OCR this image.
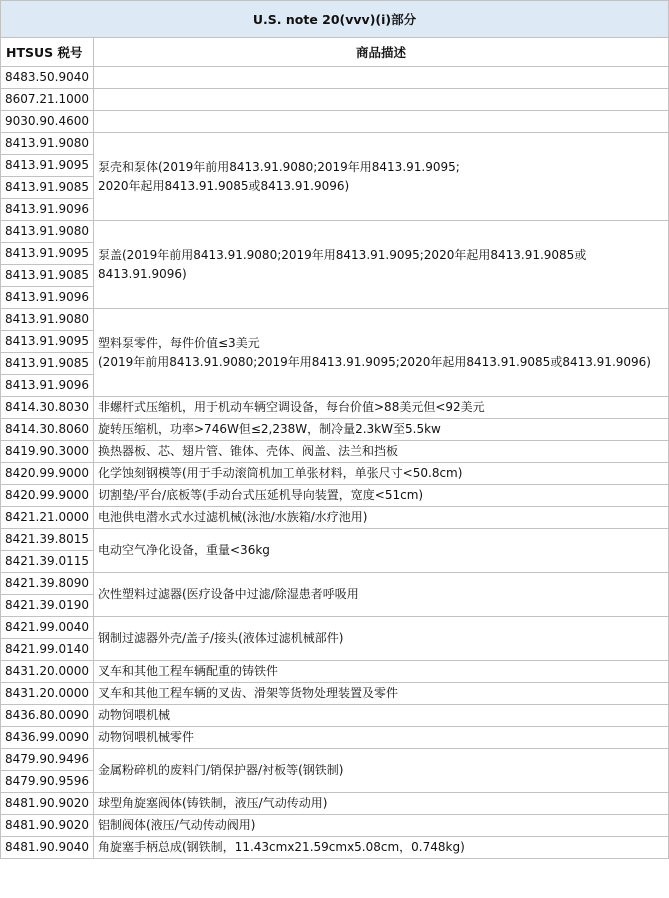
U.S. note 20(vvv)(i)部分	
HTSUS 税号	商品描述
8483.50.9040	
8607.21.1000	
9030.90.4600	
8413.91.9080	泵壳和泵体(2019年前用8413.91.9080;2019年用8413.91.9095;
2020年起用8413.91.9085或8413.91.9096)
8413.91.9095	
8413.91.9085	
8413.91.9096	
8413.91.9080	泵盖(2019年前用8413.91.9080;2019年用8413.91.9095;2020年起用8413.91.9085或8413.91.9096)
8413.91.9095	
8413.91.9085	
8413.91.9096	
8413.91.9080	塑料泵零件，每件价值≤3美元
(2019年前用8413.91.9080;2019年用8413.91.9095;2020年起用8413.91.9085或8413.91.9096)
8413.91.9095	
8413.91.9085	
8413.91.9096	
8414.30.8030	非螺杆式压缩机，用于机动车辆空调设备，每台价值>88美元但<92美元
8414.30.8060	旋转压缩机，功率>746W但≤2,238W，制冷量2.3kW至5.5kw
8419.90.3000	换热器板、芯、翅片管、锥体、壳体、阀盖、法兰和挡板
8420.99.9000	化学蚀刻钢模等(用于手动滚筒机加工单张材料，单张尺寸<50.8cm)
8420.99.9000	切割垫/平台/底板等(手动台式压延机导向装置，宽度<51cm)
8421.21.0000	电池供电潜水式水过滤机械(泳池/水族箱/水疗池用)
8421.39.8015	电动空气净化设备，重量<36kg
8421.39.0115	
8421.39.8090	次性塑料过滤器(医疗设备中过滤/除湿患者呼吸用
8421.39.0190	
8421.99.0040	钢制过滤器外壳/盖子/接头(液体过滤机械部件)
8421.99.0140	
8431.20.0000	叉车和其他工程车辆配重的铸铁件
8431.20.0000	叉车和其他工程车辆的叉齿、滑架等货物处理装置及零件
8436.80.0090	动物饲喂机械
8436.99.0090	动物饲喂机械零件
8479.90.9496	金属粉碎机的废料门/销保护器/衬板等(钢铁制)
8479.90.9596	
8481.90.9020	球型角旋塞阀体(铸铁制，液压/气动传动用)
8481.90.9020	铝制阀体(液压/气动传动阀用)
8481.90.9040	角旋塞手柄总成(钢铁制，11.43cmx21.59cmx5.08cm，0.748kg)
